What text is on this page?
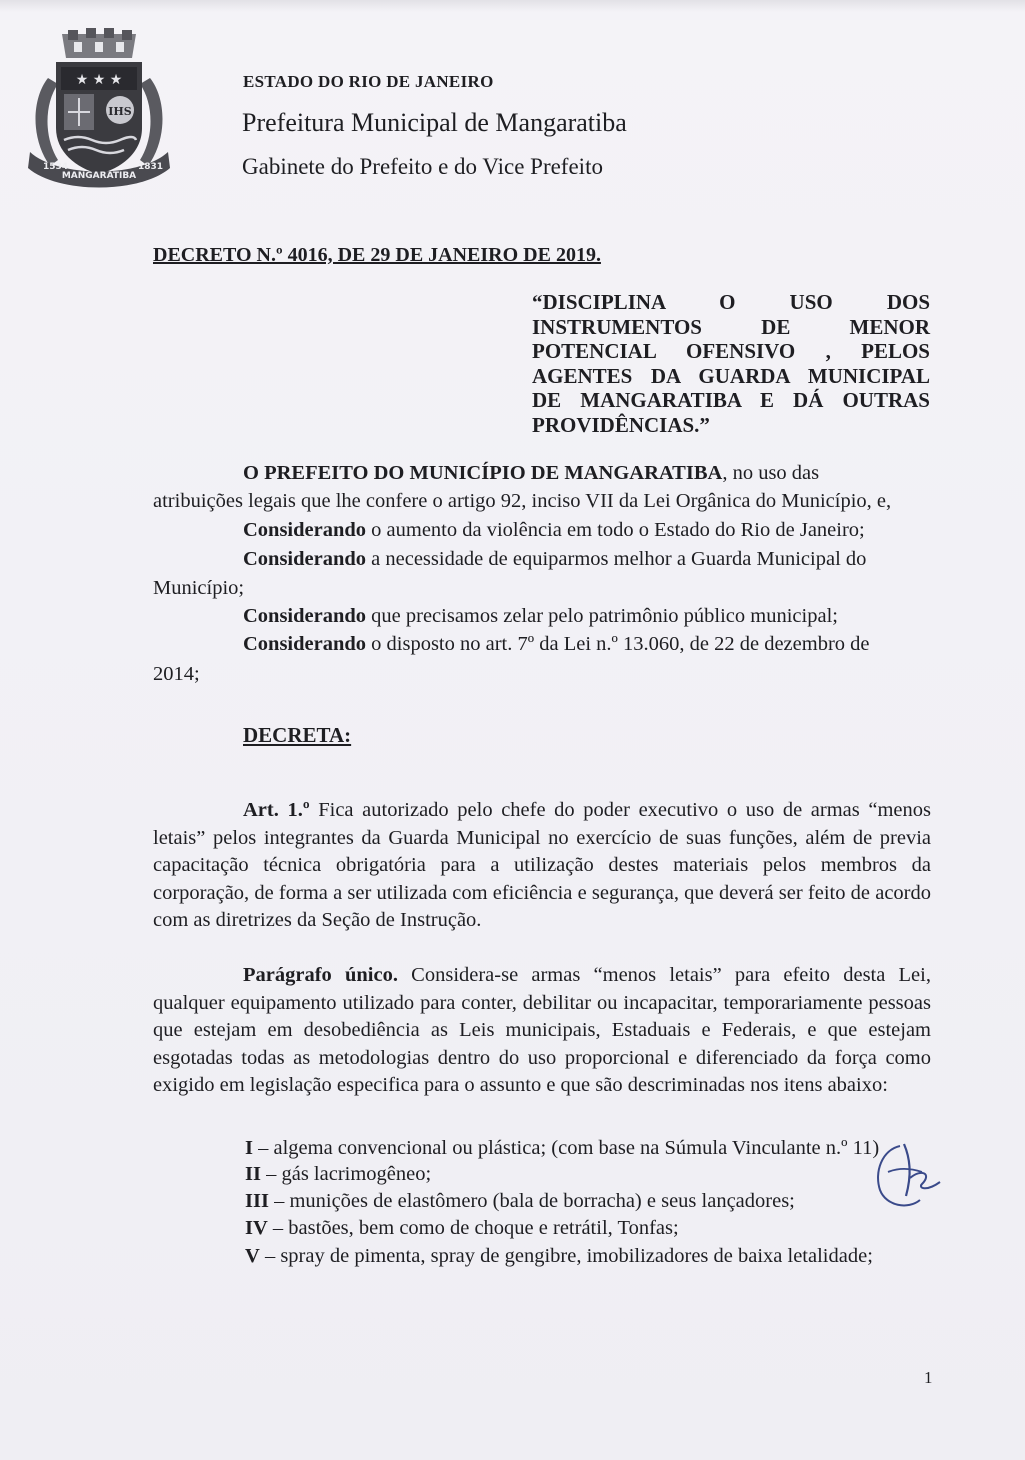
★ ★ ★
IHS
1534
MANGARATIBA
1831
ESTADO DO RIO DE JANEIRO
Prefeitura Municipal de Mangaratiba
Gabinete do Prefeito e do Vice Prefeito
DECRETO N.º 4016, DE 29 DE JANEIRO DE 2019.
“DISCIPLINA O USO DOS
INSTRUMENTOS DE MENOR
POTENCIAL OFENSIVO , PELOS
AGENTES DA GUARDA MUNICIPAL
DE MANGARATIBA E DÁ OUTRAS
PROVIDÊNCIAS.”
O PREFEITO DO MUNICÍPIO DE MANGARATIBA, no uso das
atribuições legais que lhe confere o artigo 92, inciso VII da Lei Orgânica do Município, e,
Considerando o aumento da violência em todo o Estado do Rio de Janeiro;
Considerando a necessidade de equiparmos melhor a Guarda Municipal do
Município;
Considerando que precisamos zelar pelo patrimônio público municipal;
Considerando o disposto no art. 7º da Lei n.º 13.060, de 22 de dezembro de
2014;
DECRETA:
Art. 1.º Fica autorizado pelo chefe do poder executivo o uso de armas “menos letais” pelos integrantes da Guarda Municipal no exercício de suas funções, além de previa capacitação técnica obrigatória para a utilização destes materiais pelos membros da corporação, de forma a ser utilizada com eficiência e segurança, que deverá ser feito de acordo com as diretrizes da Seção de Instrução.
Parágrafo único. Considera-se armas “menos letais” para efeito desta Lei, qualquer equipamento utilizado para conter, debilitar ou incapacitar, temporariamente pessoas que estejam em desobediência as Leis municipais, Estaduais e Federais, e que estejam esgotadas todas as metodologias dentro do uso proporcional e diferenciado da força como exigido em legislação especifica para o assunto e que são descriminadas nos itens abaixo:
I – algema convencional ou plástica; (com base na Súmula Vinculante n.º 11)
II – gás lacrimogêneo;
III – munições de elastômero (bala de borracha) e seus lançadores;
IV – bastões, bem como de choque e retrátil, Tonfas;
V – spray de pimenta, spray de gengibre, imobilizadores de baixa letalidade;
1
